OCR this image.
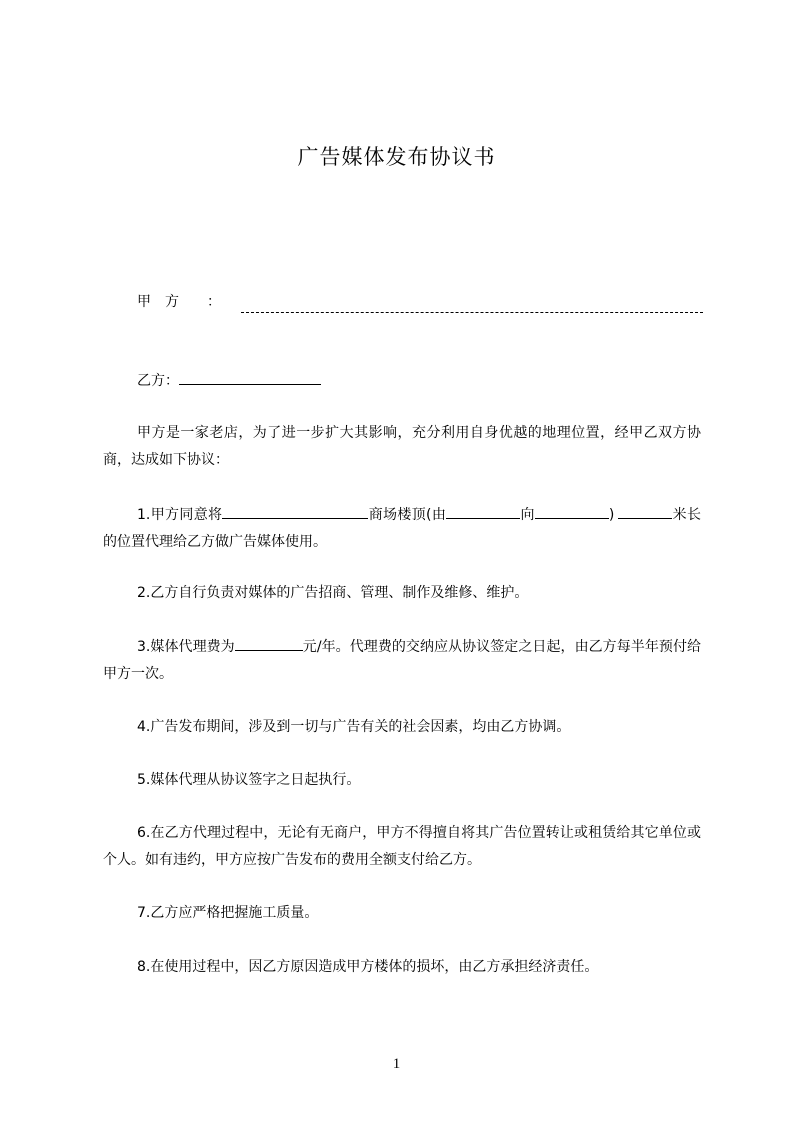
广告媒体发布协议书
甲方 ：
乙方：
甲方是一家老店，为了进一步扩大其影响，充分利用自身优越的地理位置，经甲乙双方协商，达成如下协议：
1.甲方同意将	商场楼顶(由	向	)	米长的位置代理给乙方做广告媒体使用。
2.乙方自行负责对媒体的广告招商、管理、制作及维修、维护。
3.媒体代理费为	元/年。代理费的交纳应从协议签定之日起，由乙方每半年预付给甲方一次。
4.广告发布期间，涉及到一切与广告有关的社会因素，均由乙方协调。
5.媒体代理从协议签字之日起执行。
6.在乙方代理过程中，无论有无商户，甲方不得擅自将其广告位置转让或租赁给其它单位或个人。如有违约，甲方应按广告发布的费用全额支付给乙方。
7.乙方应严格把握施工质量。
8.在使用过程中，因乙方原因造成甲方楼体的损坏，由乙方承担经济责任。
1
